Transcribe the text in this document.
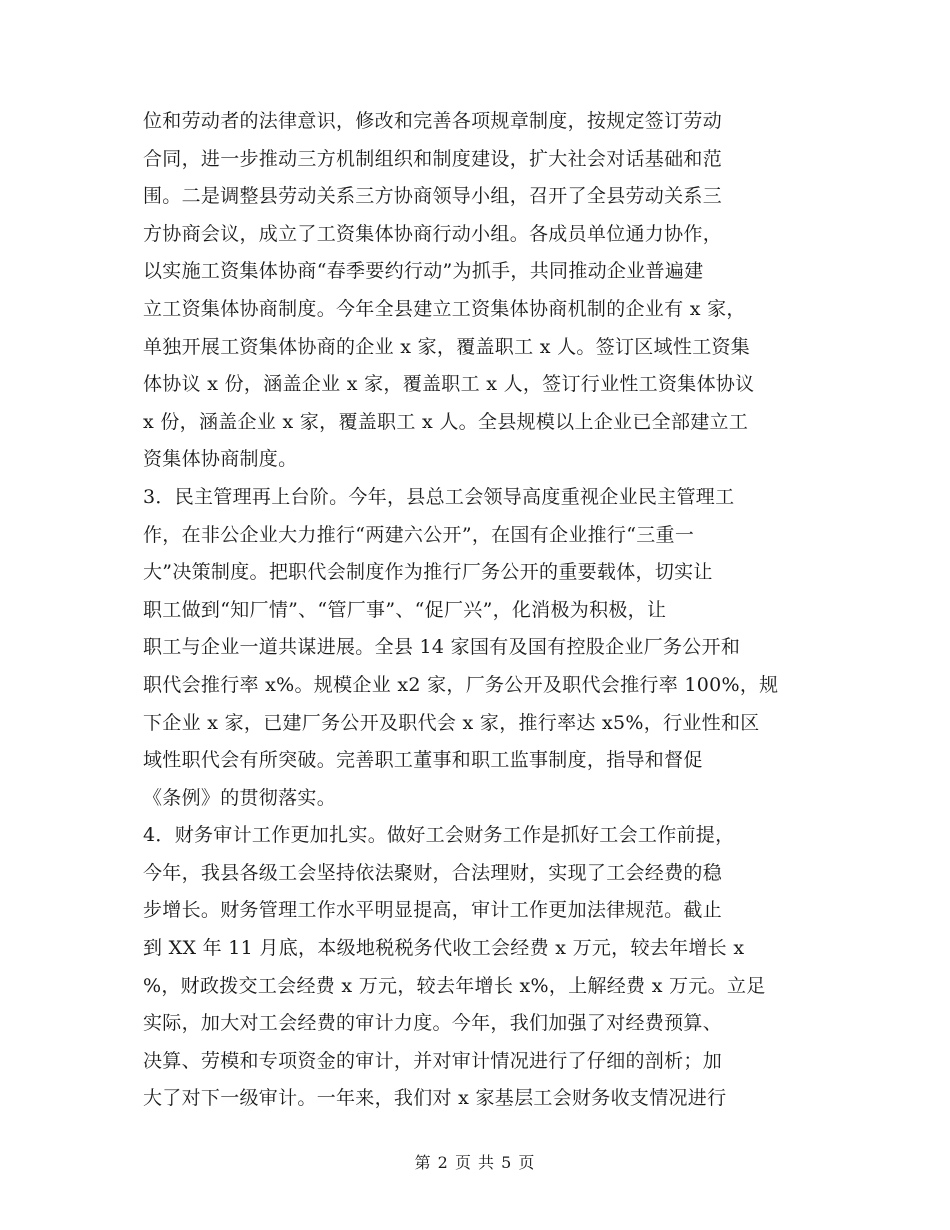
位和劳动者的法律意识，修改和完善各项规章制度，按规定签订劳动
合同，进一步推动三方机制组织和制度建设，扩大社会对话基础和范
围。二是调整县劳动关系三方协商领导小组，召开了全县劳动关系三
方协商会议，成立了工资集体协商行动小组。各成员单位通力协作，
以实施工资集体协商“春季要约行动”为抓手，共同推动企业普遍建
立工资集体协商制度。今年全县建立工资集体协商机制的企业有 x 家，
单独开展工资集体协商的企业 x 家，覆盖职工 x 人。签订区域性工资集
体协议 x 份，涵盖企业 x 家，覆盖职工 x 人，签订行业性工资集体协议
x 份，涵盖企业 x 家，覆盖职工 x 人。全县规模以上企业已全部建立工
资集体协商制度。
3．民主管理再上台阶。今年，县总工会领导高度重视企业民主管理工
作，在非公企业大力推行“两建六公开”，在国有企业推行“三重一
大”决策制度。把职代会制度作为推行厂务公开的重要载体，切实让
职工做到“知厂情”、“管厂事”、“促厂兴”，化消极为积极，让
职工与企业一道共谋进展。全县 14 家国有及国有控股企业厂务公开和
职代会推行率 x%。规模企业 x2 家，厂务公开及职代会推行率 100%，规
下企业 x 家，已建厂务公开及职代会 x 家，推行率达 x5%，行业性和区
域性职代会有所突破。完善职工董事和职工监事制度，指导和督促
《条例》的贯彻落实。
4．财务审计工作更加扎实。做好工会财务工作是抓好工会工作前提，
今年，我县各级工会坚持依法聚财，合法理财，实现了工会经费的稳
步增长。财务管理工作水平明显提高，审计工作更加法律规范。截止
到 XX 年 11 月底，本级地税税务代收工会经费 x 万元，较去年增长 x
%，财政拨交工会经费 x 万元，较去年增长 x%，上解经费 x 万元。立足
实际，加大对工会经费的审计力度。今年，我们加强了对经费预算、
决算、劳模和专项资金的审计，并对审计情况进行了仔细的剖析；加
大了对下一级审计。一年来，我们对 x 家基层工会财务收支情况进行
第 2 页 共 5 页
